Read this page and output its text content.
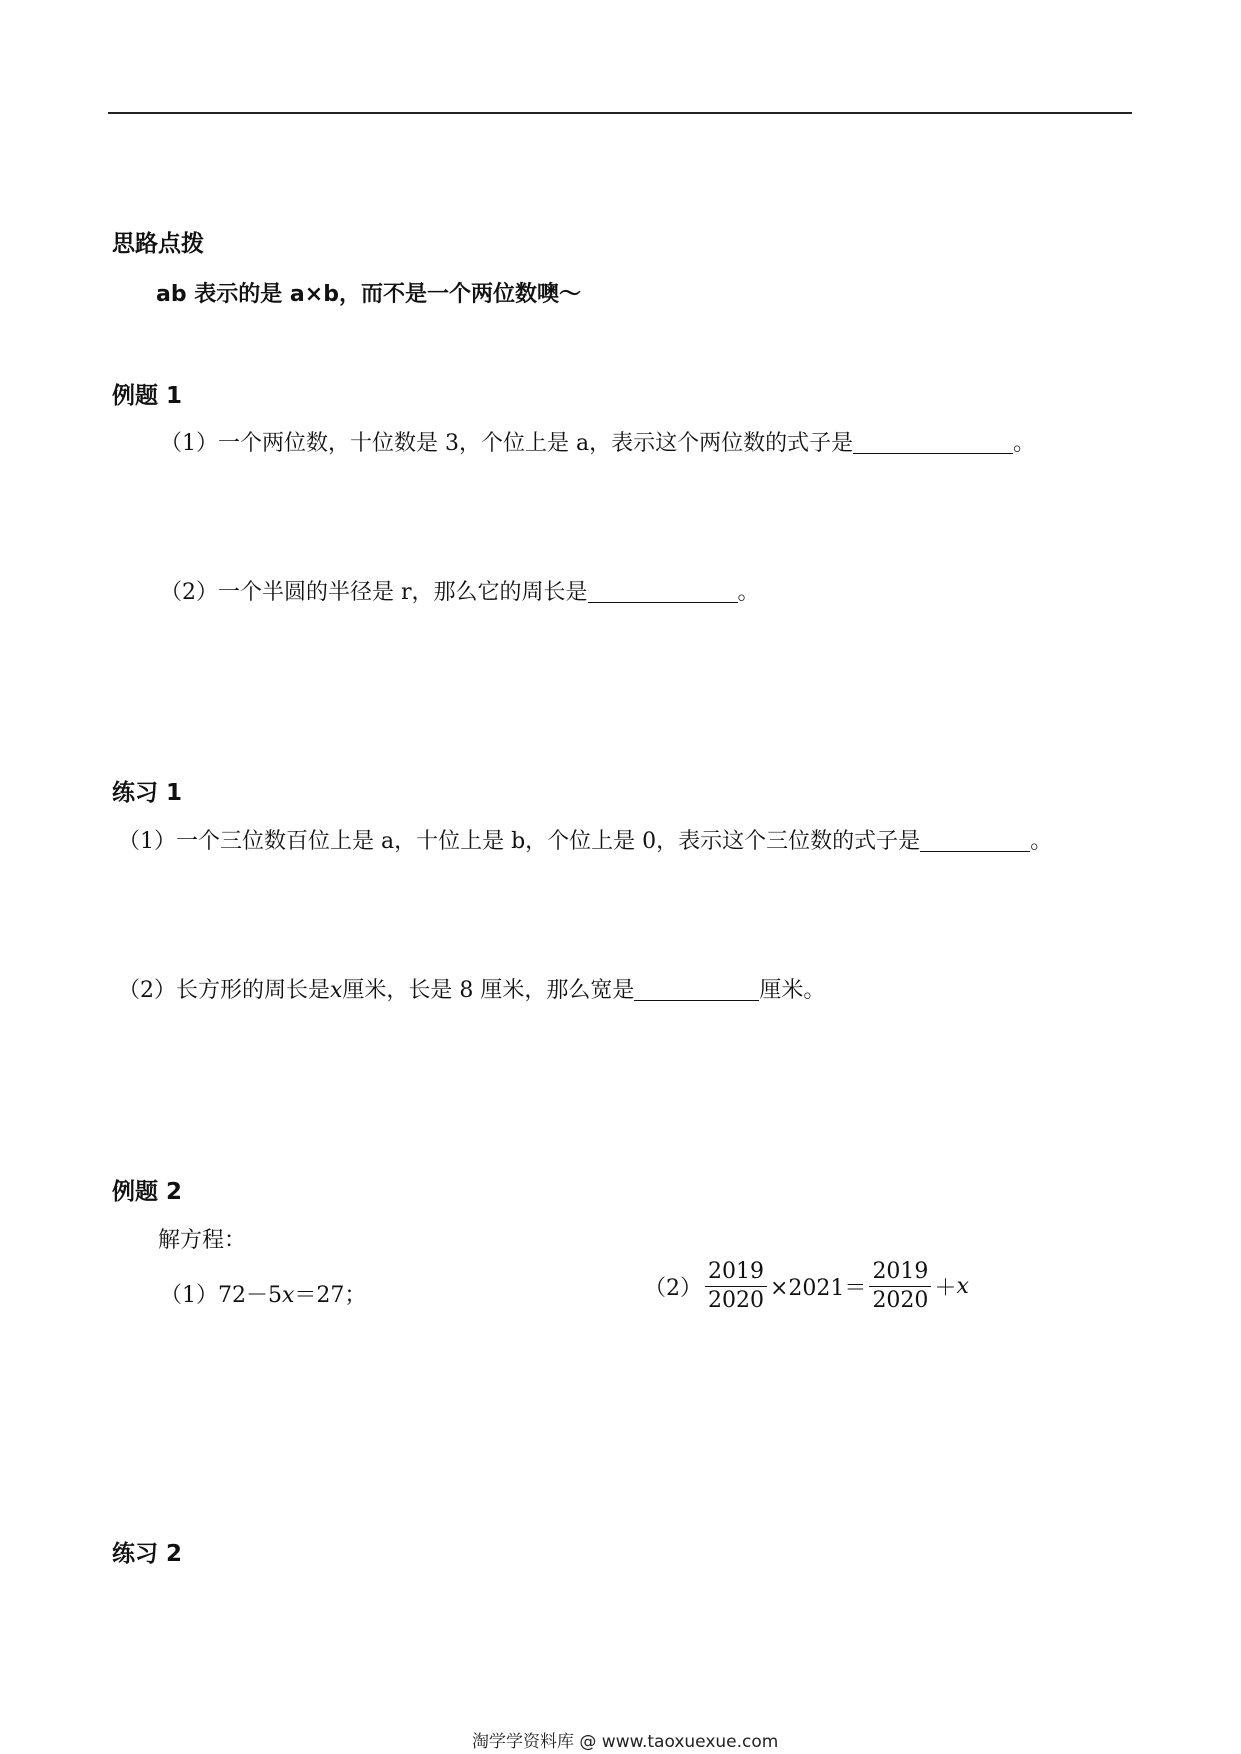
思路点拨
ab 表示的是 a×b，而不是一个两位数噢～
例题 1
（1）一个两位数，十位数是 3，个位上是 a，表示这个两位数的式子是	。
（2）一个半圆的半径是 r，那么它的周长是	。
练习 1
（1）一个三位数百位上是 a，十位上是 b，个位上是 0，表示这个三位数的式子是	。
（2）长方形的周长是x厘米，长是 8 厘米，那么宽是	厘米。
例题 2
解方程：
（1）72－5x＝27；	$(2) \frac{2019}{2020} \times 2021= \frac{2019}{2020} + x$
练习 2
淘学学资料库 @ www.taoxuexue.com
